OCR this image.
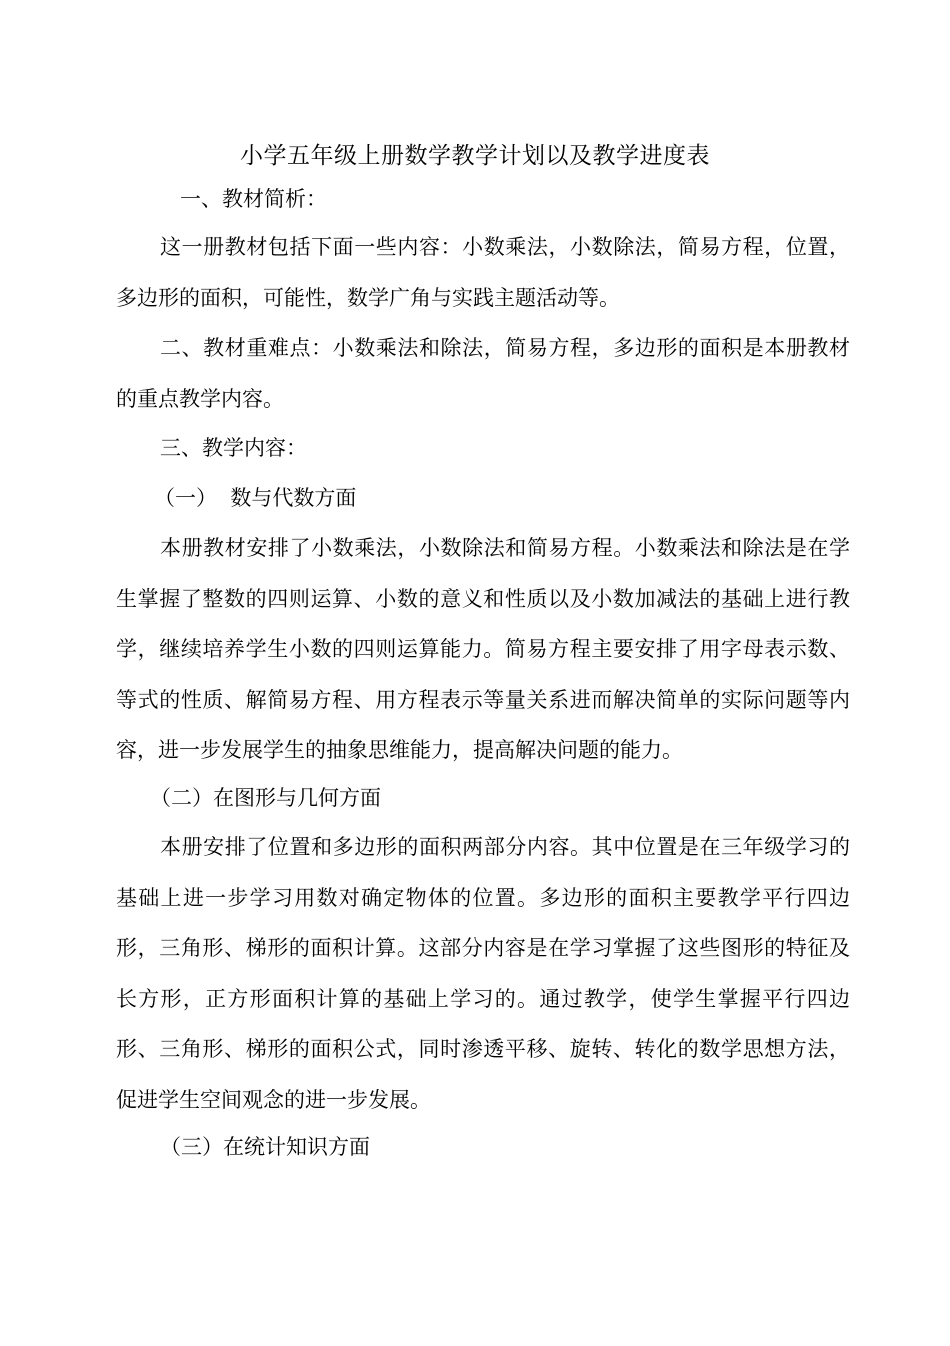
小学五年级上册数学教学计划以及教学进度表
一、教材简析：
这一册教材包括下面一些内容：小数乘法，小数除法，简易方程，位置，多边形的面积，可能性，数学广角与实践主题活动等。
二、教材重难点：小数乘法和除法，简易方程，多边形的面积是本册教材的重点教学内容。
三、教学内容：
（一）  数与代数方面
本册教材安排了小数乘法，小数除法和简易方程。小数乘法和除法是在学生掌握了整数的四则运算、小数的意义和性质以及小数加减法的基础上进行教学，继续培养学生小数的四则运算能力。简易方程主要安排了用字母表示数、等式的性质、解简易方程、用方程表示等量关系进而解决简单的实际问题等内容，进一步发展学生的抽象思维能力，提高解决问题的能力。
（二）在图形与几何方面
本册安排了位置和多边形的面积两部分内容。其中位置是在三年级学习的基础上进一步学习用数对确定物体的位置。多边形的面积主要教学平行四边形，三角形、梯形的面积计算。这部分内容是在学习掌握了这些图形的特征及长方形，正方形面积计算的基础上学习的。通过教学，使学生掌握平行四边形、三角形、梯形的面积公式，同时渗透平移、旋转、转化的数学思想方法，促进学生空间观念的进一步发展。
（三）在统计知识方面
